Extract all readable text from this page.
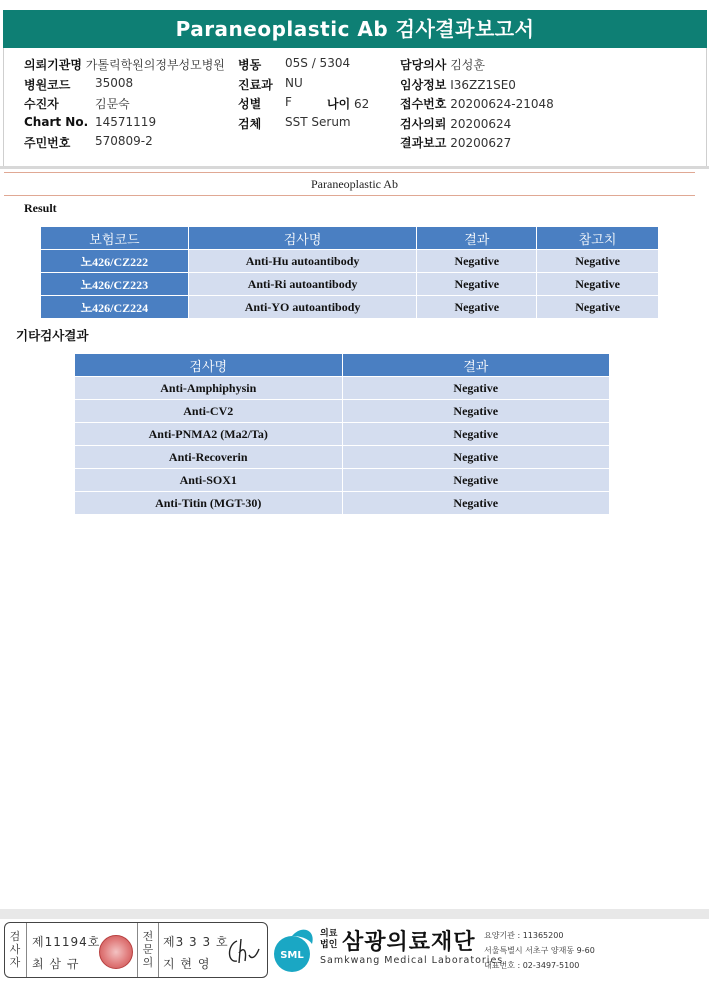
Paraneoplastic Ab 검사결과보고서
의뢰기관명 가톨릭학원의정부성모병원 병동 05S / 5304	담당의사 김성훈
병원코드 35008	진료과 NU	임상정보 I36ZZ1SE0
수진자	김문숙	성별 F	나이 62	접수번호 20200624-21048
Chart No. 14571119	검체 SST Serum	검사의뢰 20200624
주민번호 570809-2	결과보고 20200627
Paraneoplastic Ab
Result
보험코드	검사명	결과	참고치
노426/CZ222	Anti-Hu autoantibody	Negative	Negative
노426/CZ223	Anti-Ri autoantibody	Negative	Negative
노426/CZ224	Anti-YO autoantibody	Negative	Negative
기타검사결과
검사명	결과
Anti-Amphiphysin	Negative
Anti-CV2	Negative
Anti-PNMA2 (Ma2/Ta)	Negative
Anti-Recoverin	Negative
Anti-SOX1	Negative
Anti-Titin (MGT-30)	Negative
검사자
제11194호
최 삼 규
전문의
제3 3 3 호
지 현 영
SML
의료
법인 삼광의료재단
Samkwang Medical Laboratories
요양기관 : 11365200
서울특별시 서초구 양재동 9-60
대표번호 : 02-3497-5100
